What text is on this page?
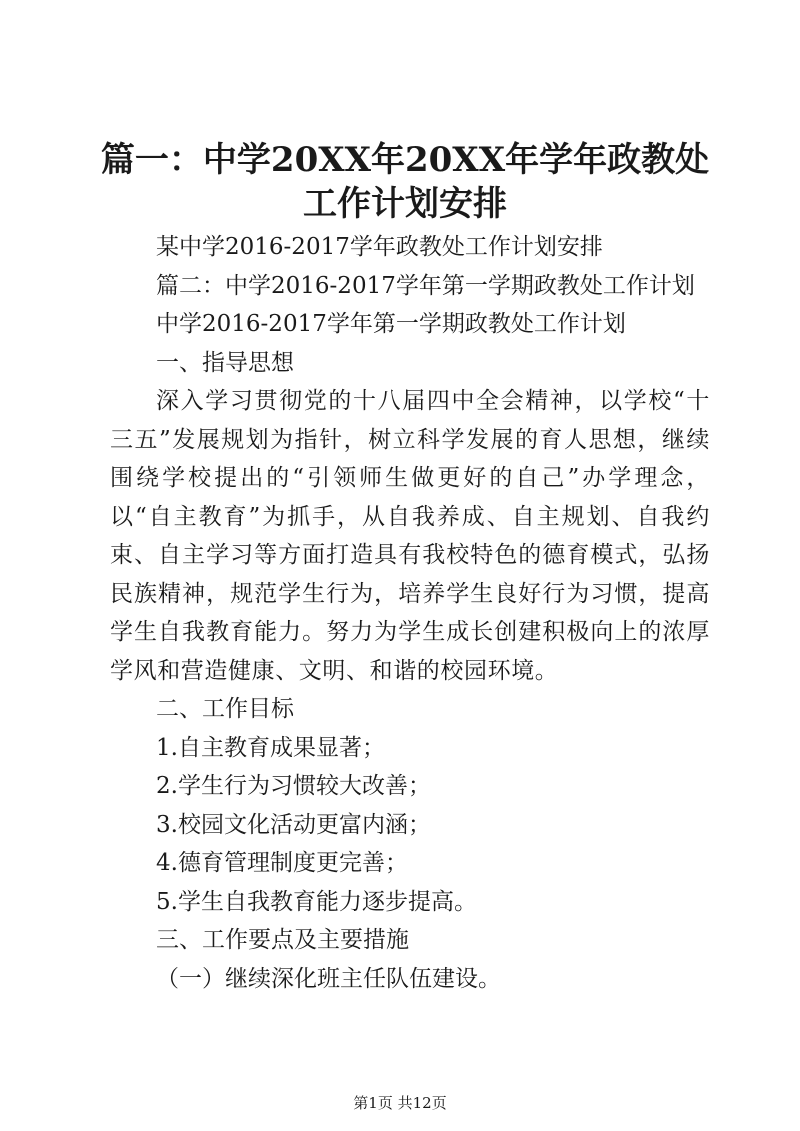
篇一：中学20XX年20XX年学年政教处工作计划安排
某中学2016-2017学年政教处工作计划安排
篇二：中学2016-2017学年第一学期政教处工作计划
中学2016-2017学年第一学期政教处工作计划
一、指导思想
深入学习贯彻党的十八届四中全会精神，以学校“十三五”发展规划为指针，树立科学发展的育人思想，继续围绕学校提出的“引领师生做更好的自己”办学理念，以“自主教育”为抓手，从自我养成、自主规划、自我约束、自主学习等方面打造具有我校特色的德育模式，弘扬民族精神，规范学生行为，培养学生良好行为习惯，提高学生自我教育能力。努力为学生成长创建积极向上的浓厚学风和营造健康、文明、和谐的校园环境。
二、工作目标
1.自主教育成果显著；
2.学生行为习惯较大改善；
3.校园文化活动更富内涵；
4.德育管理制度更完善；
5.学生自我教育能力逐步提高。
三、工作要点及主要措施
（一）继续深化班主任队伍建设。
第1页 共12页
